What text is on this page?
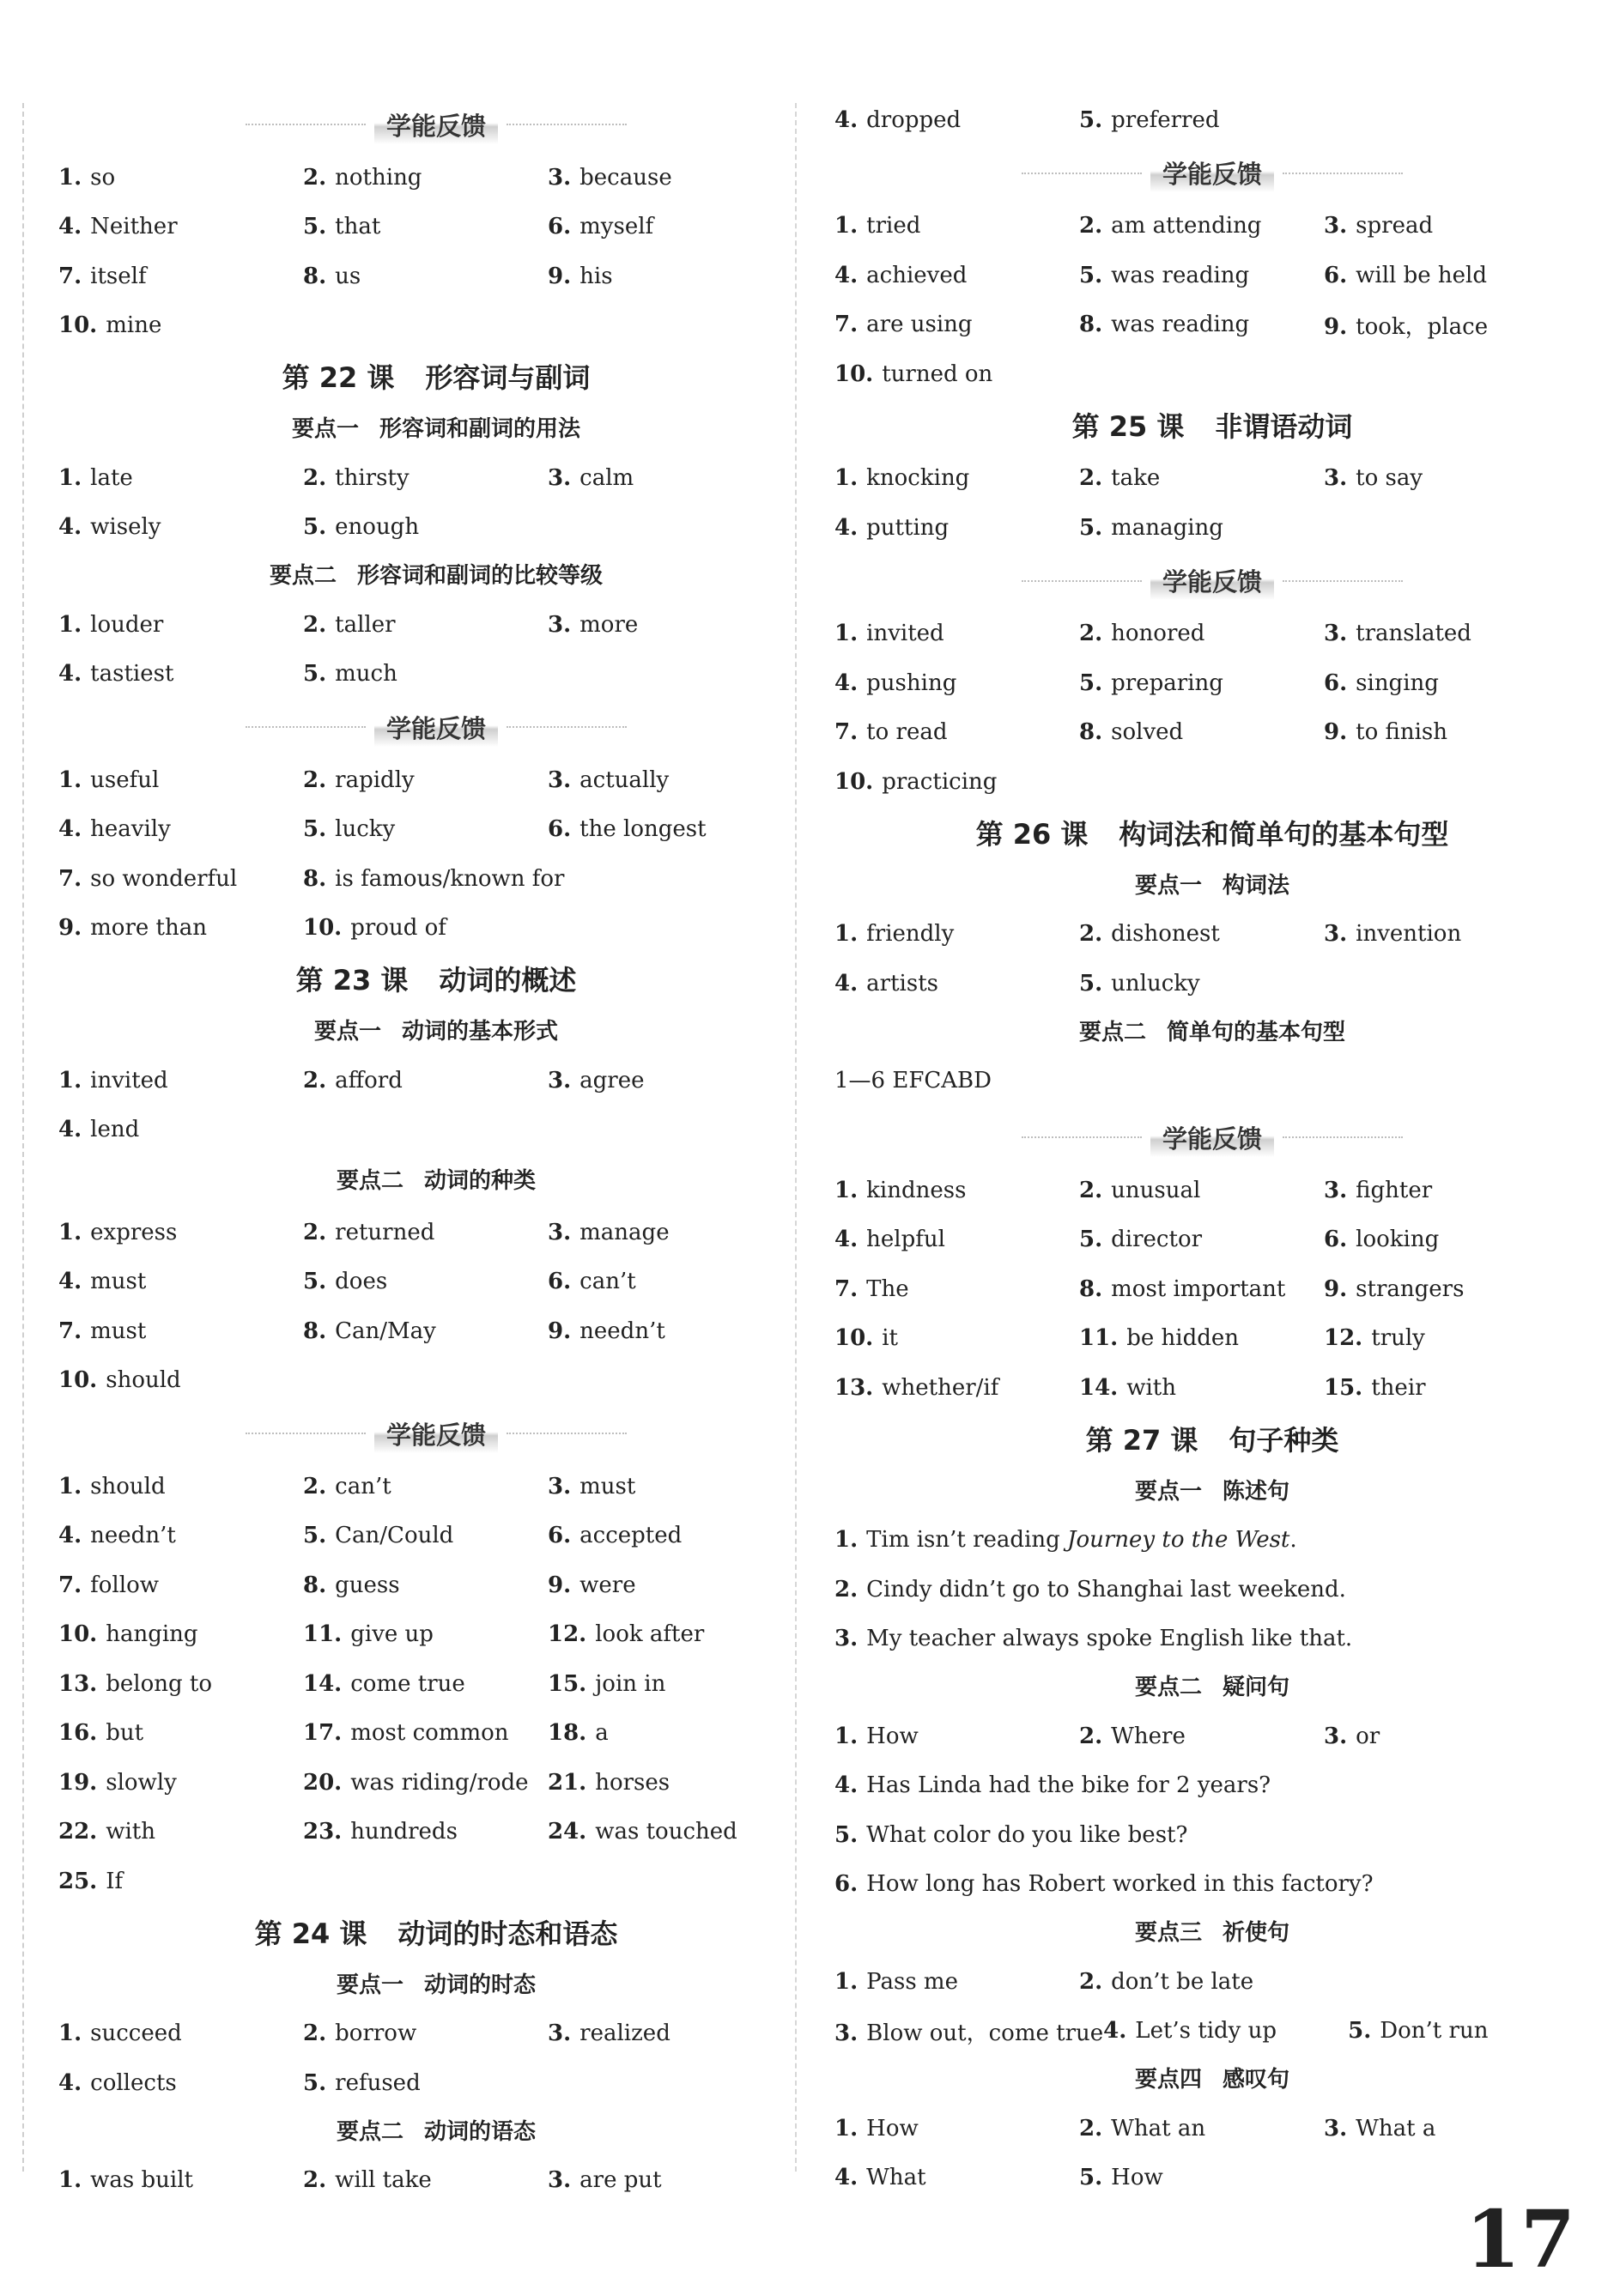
学能反馈
1. so	2. nothing	3. because
4. Neither	5. that	6. myself
7. itself	8. us	9. his
10. mine
第 22 课 形容词与副词
要点一 形容词和副词的用法
1. late	2. thirsty	3. calm
4. wisely	5. enough
要点二 形容词和副词的比较等级
1. louder	2. taller	3. more
4. tastiest	5. much
学能反馈
1. useful	2. rapidly	3. actually
4. heavily	5. lucky	6. the longest
7. so wonderful	8. is famous/known for
9. more than	10. proud of
第 23 课 动词的概述
要点一 动词的基本形式
1. invited	2. afford	3. agree
4. lend
要点二 动词的种类
1. express	2. returned	3. manage
4. must	5. does	6. can’t
7. must	8. Can/May	9. needn’t
10. should
学能反馈
1. should	2. can’t	3. must
4. needn’t	5. Can/Could	6. accepted
7. follow	8. guess	9. were
10. hanging	11. give up	12. look after
13. belong to	14. come true	15. join in
16. but	17. most common	18. a
19. slowly	20. was riding/rode 21. horses
22. with	23. hundreds	24. was touched
25. If
第 24 课 动词的时态和语态
要点一 动词的时态
1. succeed	2. borrow	3. realized
4. collects	5. refused
要点二 动词的语态
1. was built	2. will take	3. are put
4. dropped	5. preferred
学能反馈
1. tried	2. am attending	3. spread
4. achieved	5. was reading	6. will be held
7. are using	8. was reading	9. took，place
10. turned on
第 25 课 非谓语动词
1. knocking	2. take	3. to say
4. putting	5. managing
学能反馈
1. invited	2. honored	3. translated
4. pushing	5. preparing	6. singing
7. to read	8. solved	9. to finish
10. practicing
第 26 课 构词法和简单句的基本句型
要点一 构词法
1. friendly	2. dishonest	3. invention
4. artists	5. unlucky
要点二 简单句的基本句型
1—6 EFCABD
学能反馈
1. kindness	2. unusual	3. fighter
4. helpful	5. director	6. looking
7. The	8. most important	9. strangers
10. it	11. be hidden	12. truly
13. whether/if	14. with	15. their
第 27 课 句子种类
要点一 陈述句
1. Tim isn’t reading Journey to the West.
2. Cindy didn’t go to Shanghai last weekend.
3. My teacher always spoke English like that.
要点二 疑问句
1. How	2. Where	3. or
4. Has Linda had the bike for 2 years?
5. What color do you like best?
6. How long has Robert worked in this factory?
要点三 祈使句
1. Pass me	2. don’t be late
3. Blow out，come true 4. Let’s tidy up	5. Don’t run
要点四 感叹句
1. How	2. What an	3. What a
4. What	5. How
17
